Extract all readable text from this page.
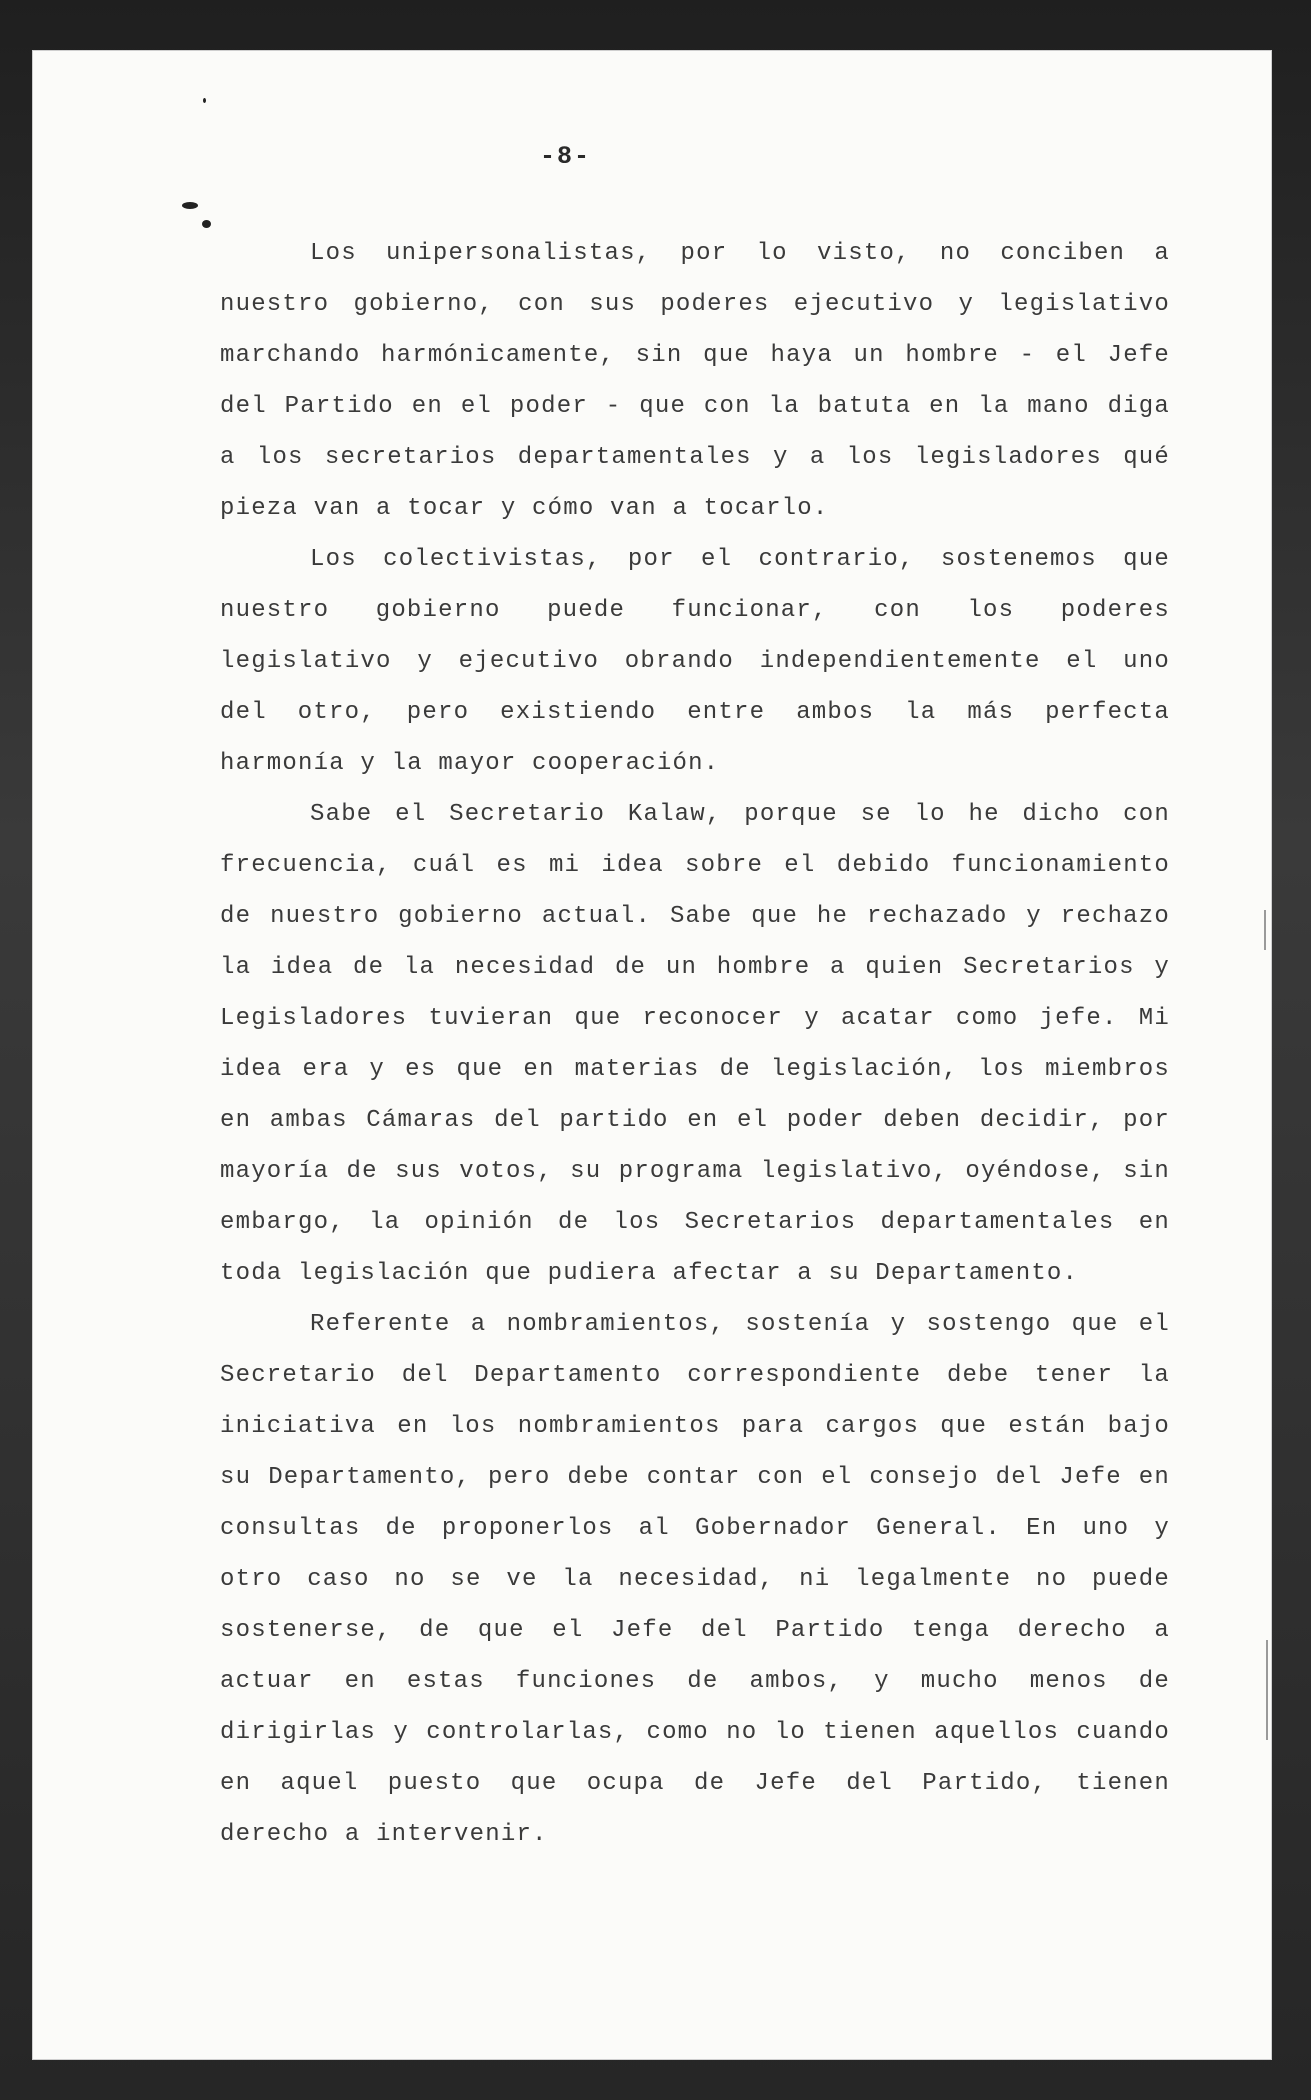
-8-

Los unipersonalistas, por lo visto, no conciben a nuestro gobierno, con sus poderes ejecutivo y legislativo marchando harmónicamente, sin que haya un hombre - el Jefe del Partido en el poder - que con la batuta en la mano diga a los secretarios departamentales y a los legisladores qué pieza van a tocar y cómo van a tocarlo.

Los colectivistas, por el contrario, sostenemos que nuestro gobierno puede funcionar, con los poderes legislativo y ejecutivo obrando independientemente el uno del otro, pero existiendo entre ambos la más perfecta harmonía y la mayor cooperación.

Sabe el Secretario Kalaw, porque se lo he dicho con frecuencia, cuál es mi idea sobre el debido funcionamiento de nuestro gobierno actual. Sabe que he rechazado y rechazo la idea de la necesidad de un hombre a quien Secretarios y Legisladores tuvieran que reconocer y acatar como jefe. Mi idea era y es que en materias de legislación, los miembros en ambas Cámaras del partido en el poder deben decidir, por mayoría de sus votos, su programa legislativo, oyéndose, sin embargo, la opinión de los Secretarios departamentales en toda legislación que pudiera afectar a su Departamento.

Referente a nombramientos, sostenía y sostengo que el Secretario del Departamento correspondiente debe tener la iniciativa en los nombramientos para cargos que están bajo su Departamento, pero debe contar con el consejo del Jefe en consultas de proponerlos al Gobernador General. En uno y otro caso no se ve la necesidad, ni legalmente no puede sostenerse, de que el Jefe del Partido tenga derecho a actuar en estas funciones de ambos, y mucho menos de dirigirlas y controlarlas, como no lo tienen aquellos cuando en aquel puesto que ocupa de Jefe del Partido, tienen derecho a intervenir.
